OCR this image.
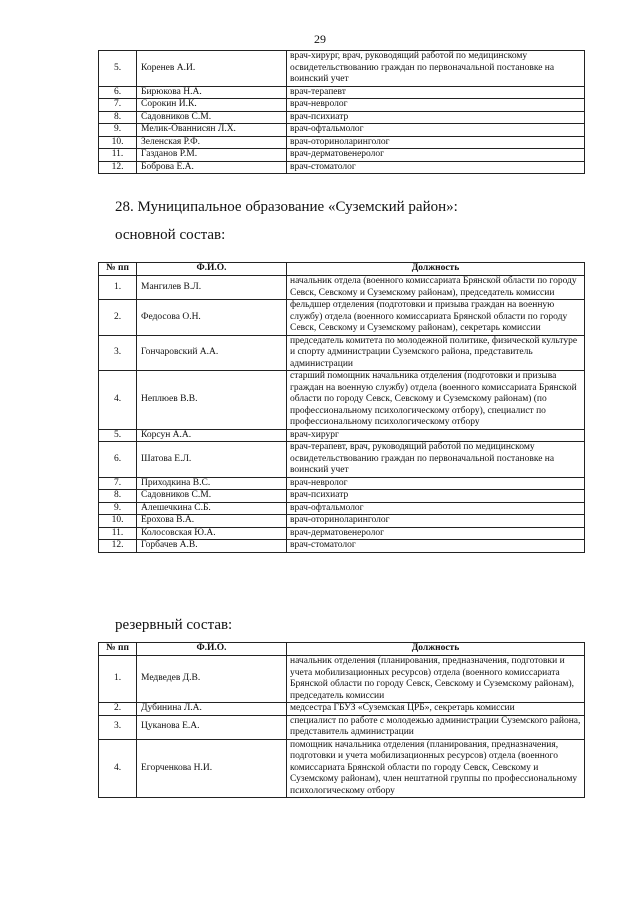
29
5.	Коренев А.И.	врач-хирург, врач, руководящий работой по медицинскому освидетельствованию граждан по первоначальной постановке на воинский учет
6.	Бирюкова Н.А.	врач-терапевт
7.	Сорокин И.К.	врач-невролог
8.	Садовников С.М.	врач-психиатр
9.	Мелик-Ованнисян Л.Х.	врач-офтальмолог
10.	Зеленская Р.Ф.	врач-оториноларинголог
11.	Газданов Р.М.	врач-дерматовенеролог
12.	Боброва Е.А.	врач-стоматолог
28. Муниципальное образование «Суземский район»:
основной состав:
№ пп	Ф.И.О.	Должность
1.	Мангилев В.Л.	начальник отдела (военного комиссариата Брянской области по городу Севск, Севскому и Суземскому районам), председатель комиссии
2.	Федосова О.Н.	фельдшер отделения (подготовки и призыва граждан на военную службу) отдела (военного комиссариата Брянской области по городу Севск, Севскому и Суземскому районам), секретарь комиссии
3.	Гончаровский А.А.	председатель комитета по молодежной политике, физической культуре и спорту администрации Суземского района, представитель администрации
4.	Неплюев В.В.	старший помощник начальника отделения (подготовки и призыва граждан на военную службу) отдела (военного комиссариата Брянской области по городу Севск, Севскому и Суземскому районам) (по профессиональному психологическому отбору), специалист по профессиональному психологическому отбору
5.	Корсун А.А.	врач-хирург
6.	Шатова Е.Л.	врач-терапевт, врач, руководящий работой по медицинскому освидетельствованию граждан по первоначальной постановке на воинский учет
7.	Приходкина В.С.	врач-невролог
8.	Садовников С.М.	врач-психиатр
9.	Алешечкина С.Б.	врач-офтальмолог
10.	Ерохова В.А.	врач-оториноларинголог
11.	Колосовская Ю.А.	врач-дерматовенеролог
12.	Горбачев А.В.	врач-стоматолог
резервный состав:
№ пп	Ф.И.О.	Должность
1.	Медведев Д.В.	начальник отделения (планирования, предназначения, подготовки и учета мобилизационных ресурсов) отдела (военного комиссариата Брянской области по городу Севск, Севскому и Суземскому районам), председатель комиссии
2.	Дубинина Л.А.	медсестра ГБУЗ «Суземская ЦРБ», секретарь комиссии
3.	Цуканова Е.А.	специалист по работе с молодежью администрации Суземского района, представитель администрации
4.	Егорченкова Н.И.	помощник начальника отделения (планирования, предназначения, подготовки и учета мобилизационных ресурсов) отдела (военного комиссариата Брянской области по городу Севск, Севскому и Суземскому районам), член нештатной группы по профессиональному психологическому отбору
